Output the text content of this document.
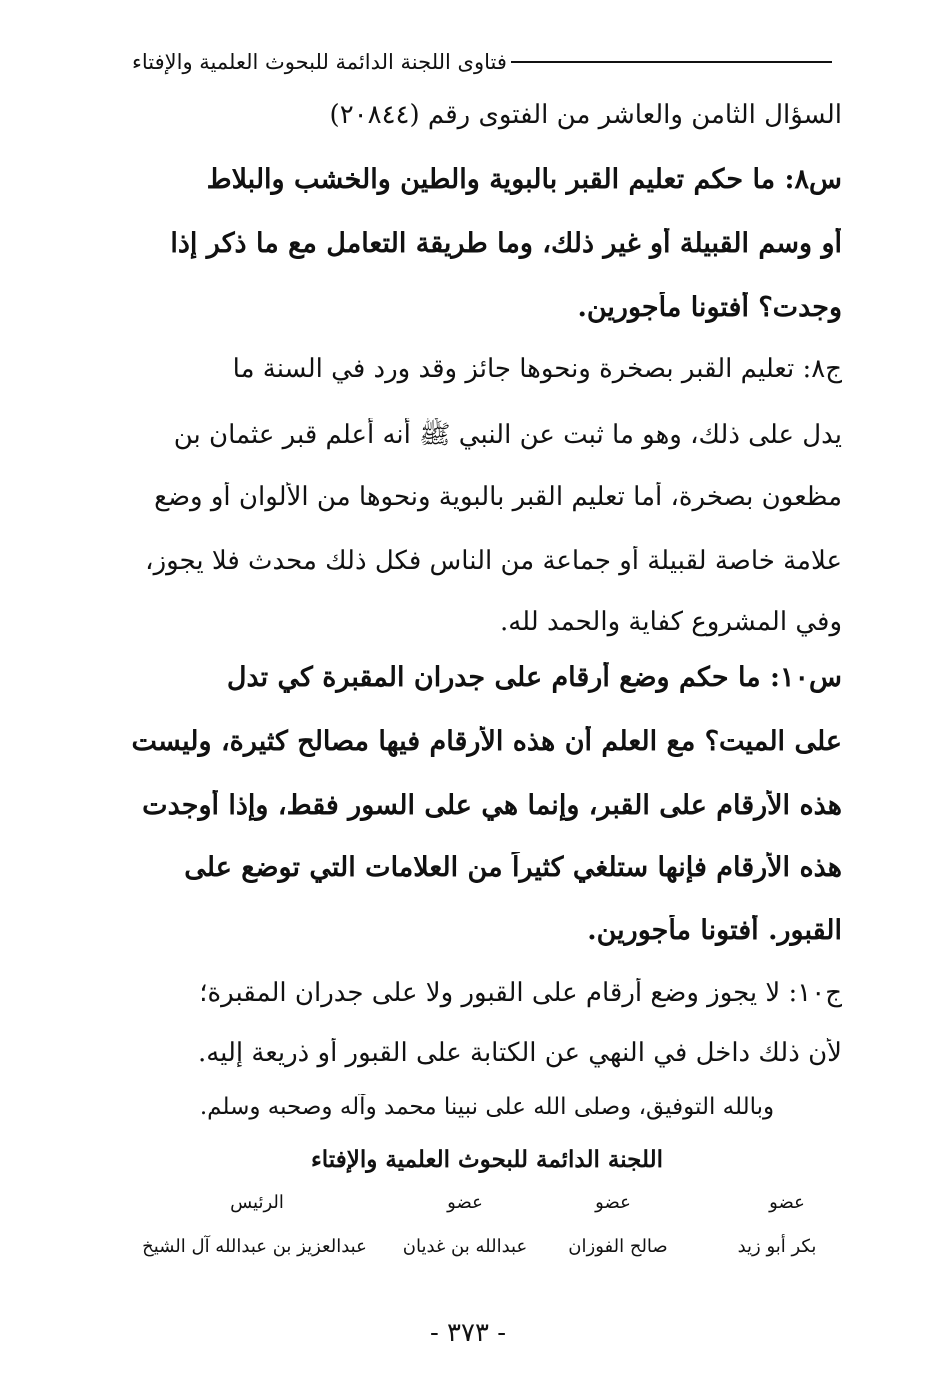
فتاوى اللجنة الدائمة للبحوث العلمية والإفتاء
السؤال الثامن والعاشر من الفتوى رقم (٢٠٨٤٤)
س٨: ما حكم تعليم القبر بالبوية والطين والخشب والبلاط
أو وسم القبيلة أو غير ذلك، وما طريقة التعامل مع ما ذكر إذا
وجدت؟ أفتونا مأجورين.
ج٨: تعليم القبر بصخرة ونحوها جائز وقد ورد في السنة ما
يدل على ذلك، وهو ما ثبت عن النبي ﷺ أنه أعلم قبر عثمان بن
مظعون بصخرة، أما تعليم القبر بالبوية ونحوها من الألوان أو وضع
علامة خاصة لقبيلة أو جماعة من الناس فكل ذلك محدث فلا يجوز،
وفي المشروع كفاية والحمد لله.
س١٠: ما حكم وضع أرقام على جدران المقبرة كي تدل
على الميت؟ مع العلم أن هذه الأرقام فيها مصالح كثيرة، وليست
هذه الأرقام على القبر، وإنما هي على السور فقط، وإذا أوجدت
هذه الأرقام فإنها ستلغي كثيراً من العلامات التي توضع على
القبور. أفتونا مأجورين.
ج١٠: لا يجوز وضع أرقام على القبور ولا على جدران المقبرة؛
لأن ذلك داخل في النهي عن الكتابة على القبور أو ذريعة إليه.
وبالله التوفيق، وصلى الله على نبينا محمد وآله وصحبه وسلم.
اللجنة الدائمة للبحوث العلمية والإفتاء
عضو
بكر أبو زيد
عضو
صالح الفوزان
عضو
عبدالله بن غديان
الرئيس
عبدالعزيز بن عبدالله آل الشيخ
- ٣٧٣ -
